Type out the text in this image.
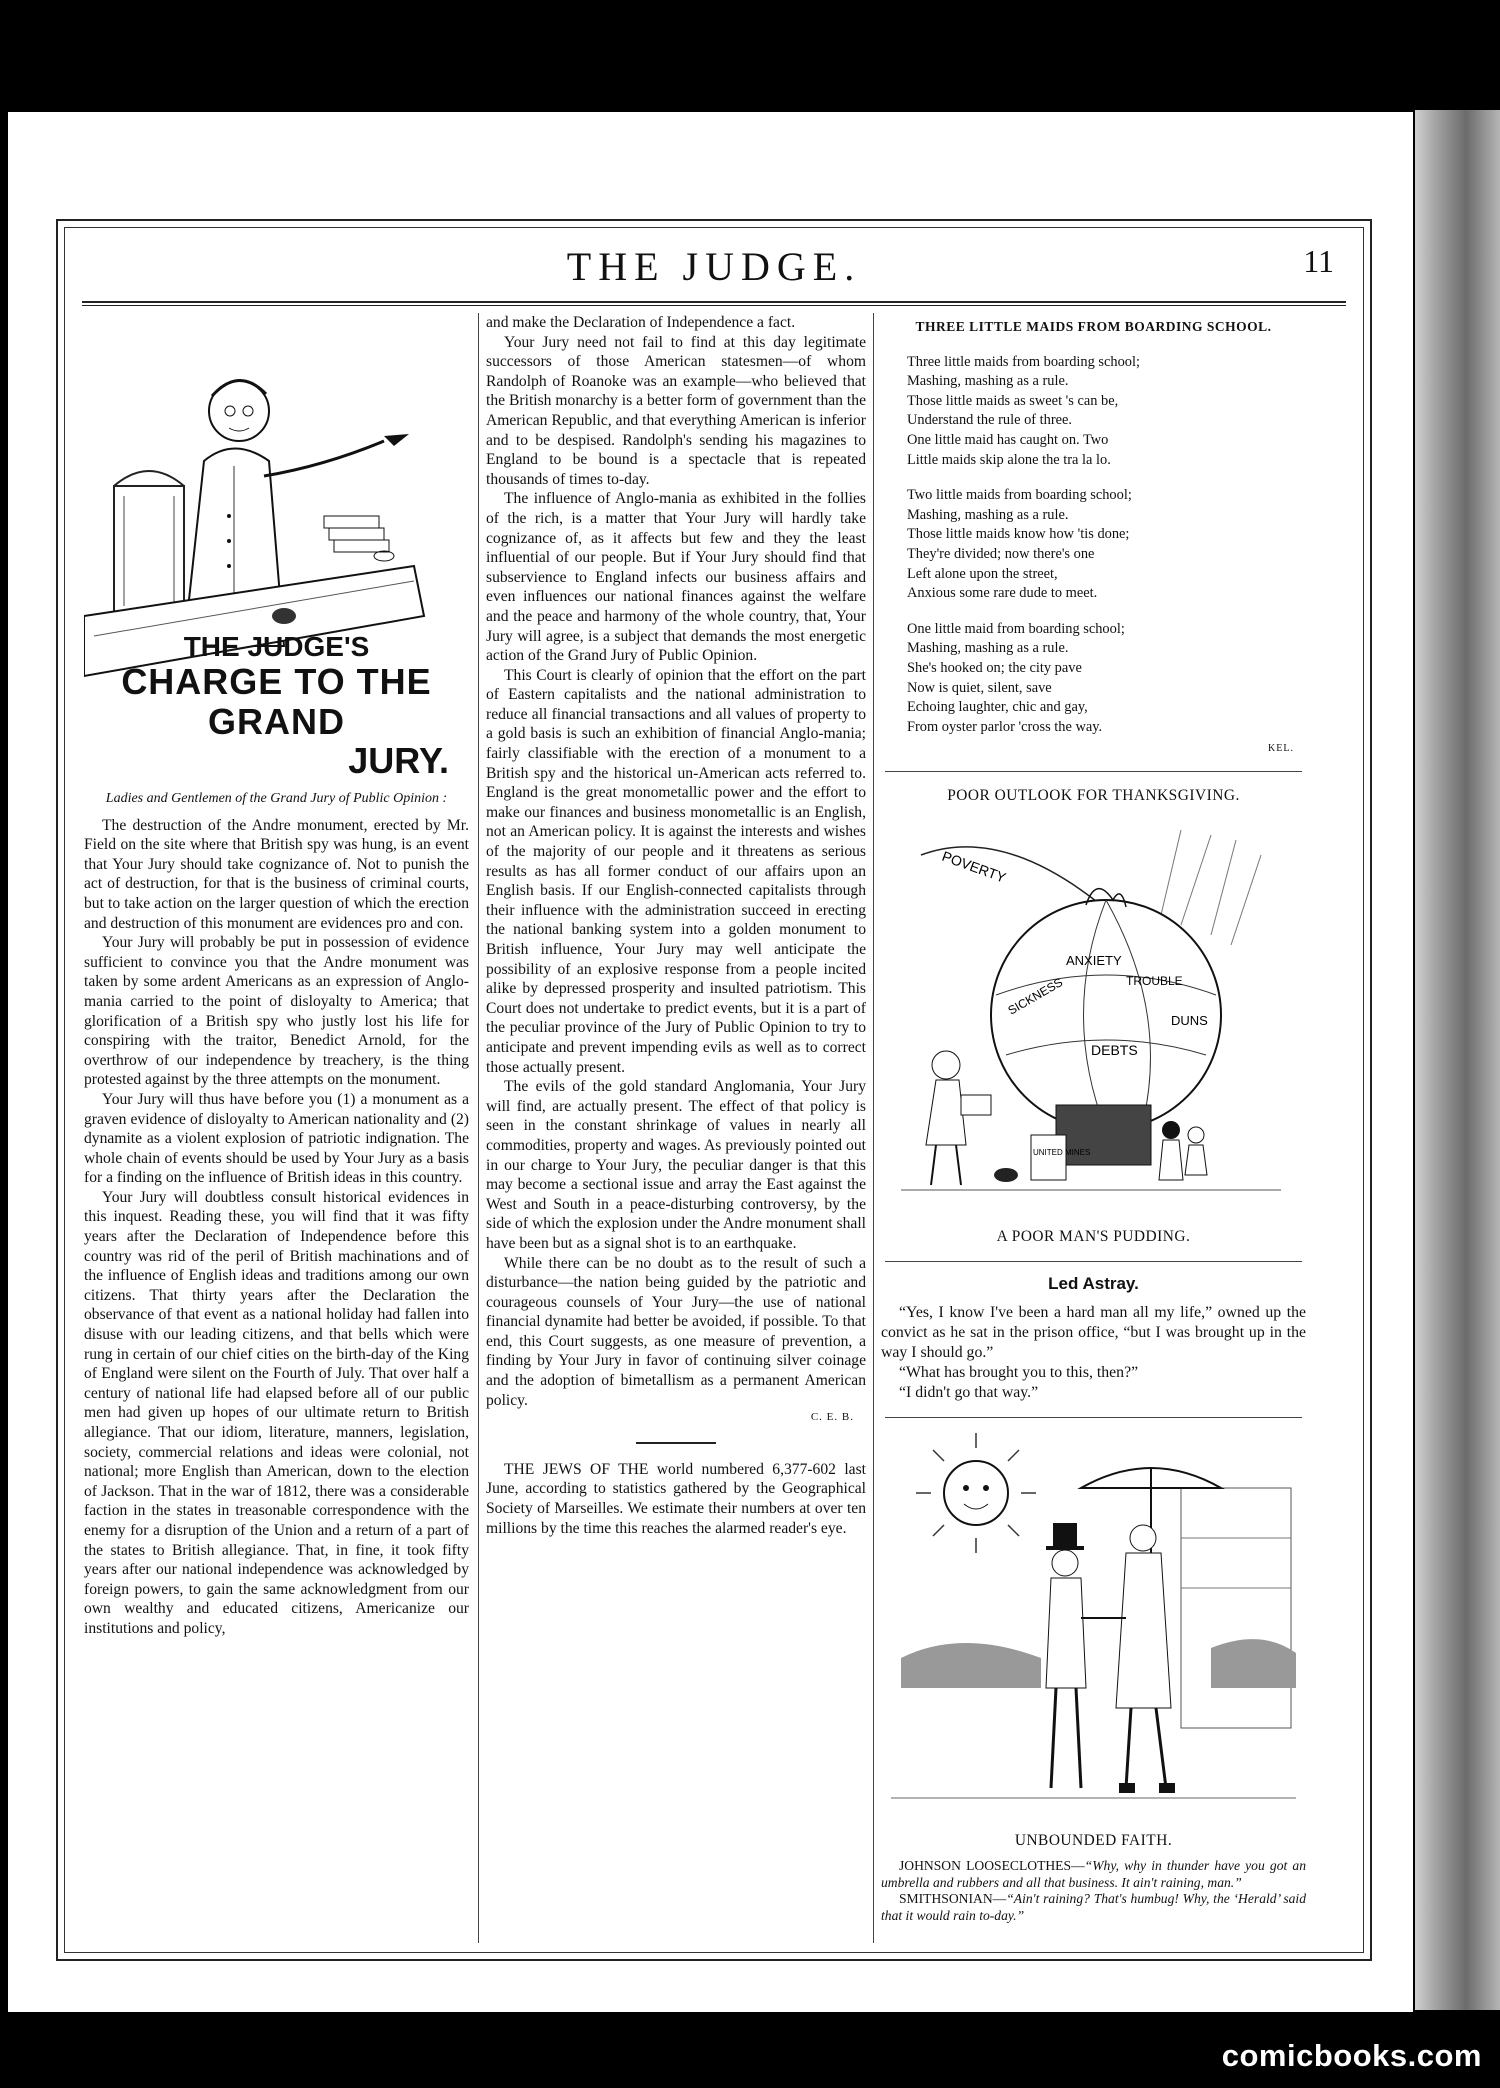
THE JUDGE.	11
THE JUDGE'S
CHARGE TO THE GRAND
JURY.
Ladies and Gentlemen of the Grand Jury of Public Opinion :

The destruction of the Andre monument, erected by Mr. Field on the site where that British spy was hung, is an event that Your Jury should take cognizance of. Not to punish the act of destruction, for that is the business of criminal courts, but to take action on the larger question of which the erection and destruction of this monument are evidences pro and con.

Your Jury will probably be put in possession of evidence sufficient to convince you that the Andre monument was taken by some ardent Americans as an expression of Anglo-mania carried to the point of disloyalty to America; that glorification of a British spy who justly lost his life for conspiring with the traitor, Benedict Arnold, for the overthrow of our independence by treachery, is the thing protested against by the three attempts on the monument.

Your Jury will thus have before you (1) a monument as a graven evidence of disloyalty to American nationality and (2) dynamite as a violent explosion of patriotic indignation. The whole chain of events should be used by Your Jury as a basis for a finding on the influence of British ideas in this country.

Your Jury will doubtless consult historical evidences in this inquest. Reading these, you will find that it was fifty years after the Declaration of Independence before this country was rid of the peril of British machinations and of the influence of English ideas and traditions among our own citizens. That thirty years after the Declaration the observance of that event as a national holiday had fallen into disuse with our leading citizens, and that bells which were rung in certain of our chief cities on the birth-day of the King of England were silent on the Fourth of July. That over half a century of national life had elapsed before all of our public men had given up hopes of our ultimate return to British allegiance. That our idiom, literature, manners, legislation, society, commercial relations and ideas were colonial, not national; more English than American, down to the election of Jackson. That in the war of 1812, there was a considerable faction in the states in treasonable correspondence with the enemy for a disruption of the Union and a return of a part of the states to British allegiance. That, in fine, it took fifty years after our national independence was acknowledged by foreign powers, to gain the same acknowledgment from our own wealthy and educated citizens, Americanize our institutions and policy,

and make the Declaration of Independence a fact.

Your Jury need not fail to find at this day legitimate successors of those American statesmen—of whom Randolph of Roanoke was an example—who believed that the British monarchy is a better form of government than the American Republic, and that everything American is inferior and to be despised. Randolph's sending his magazines to England to be bound is a spectacle that is repeated thousands of times to-day.

The influence of Anglo-mania as exhibited in the follies of the rich, is a matter that Your Jury will hardly take cognizance of, as it affects but few and they the least influential of our people. But if Your Jury should find that subservience to England infects our business affairs and even influences our national finances against the welfare and the peace and harmony of the whole country, that, Your Jury will agree, is a subject that demands the most energetic action of the Grand Jury of Public Opinion.

This Court is clearly of opinion that the effort on the part of Eastern capitalists and the national administration to reduce all financial transactions and all values of property to a gold basis is such an exhibition of financial Anglo-mania; fairly classifiable with the erection of a monument to a British spy and the historical un-American acts referred to. England is the great monometallic power and the effort to make our finances and business monometallic is an English, not an American policy. It is against the interests and wishes of the majority of our people and it threatens as serious results as has all former conduct of our affairs upon an English basis. If our English-connected capitalists through their influence with the administration succeed in erecting the national banking system into a golden monument to British influence, Your Jury may well anticipate the possibility of an explosive response from a people incited alike by depressed prosperity and insulted patriotism. This Court does not undertake to predict events, but it is a part of the peculiar province of the Jury of Public Opinion to try to anticipate and prevent impending evils as well as to correct those actually present.

The evils of the gold standard Anglomania, Your Jury will find, are actually present. The effect of that policy is seen in the constant shrinkage of values in nearly all commodities, property and wages. As previously pointed out in our charge to Your Jury, the peculiar danger is that this may become a sectional issue and array the East against the West and South in a peace-disturbing controversy, by the side of which the explosion under the Andre monument shall have been but as a signal shot is to an earthquake.

While there can be no doubt as to the result of such a disturbance—the nation being guided by the patriotic and courageous counsels of Your Jury—the use of national financial dynamite had better be avoided, if possible. To that end, this Court suggests, as one measure of prevention, a finding by Your Jury in favor of continuing silver coinage and the adoption of bimetallism as a permanent American policy.

C. E. B.

THE JEWS OF THE world numbered 6,377-602 last June, according to statistics gathered by the Geographical Society of Marseilles. We estimate their numbers at over ten millions by the time this reaches the alarmed reader's eye.

THREE LITTLE MAIDS FROM BOARDING SCHOOL.
Three little maids from boarding school;
Mashing, mashing as a rule.
Those little maids as sweet 's can be,
Understand the rule of three.
One little maid has caught on. Two
Little maids skip alone the tra la lo.
Two little maids from boarding school;
Mashing, mashing as a rule.
Those little maids know how 'tis done;
They're divided; now there's one
Left alone upon the street,
Anxious some rare dude to meet.
One little maid from boarding school;
Mashing, mashing as a rule.
She's hooked on; the city pave
Now is quiet, silent, save
Echoing laughter, chic and gay,
From oyster parlor 'cross the way.
KEL.
POOR OUTLOOK FOR THANKSGIVING.
POVERTY
ANXIETY
SICKNESS	TROUBLE
DEBTS
DUNS
UNITED MINES
A POOR MAN'S PUDDING.
Led Astray.

“Yes, I know I've been a hard man all my life,” owned up the convict as he sat in the prison office, “but I was brought up in the way I should go.”

“What has brought you to this, then?”

“I didn't go that way.”

UNBOUNDED FAITH.

JOHNSON LOOSECLOTHES—“Why, why in thunder have you got an umbrella and rubbers and all that business. It ain't raining, man.”

SMITHSONIAN—“Ain't raining? That's humbug! Why, the ‘Herald’ said that it would rain to-day.”

comicbooks.com
